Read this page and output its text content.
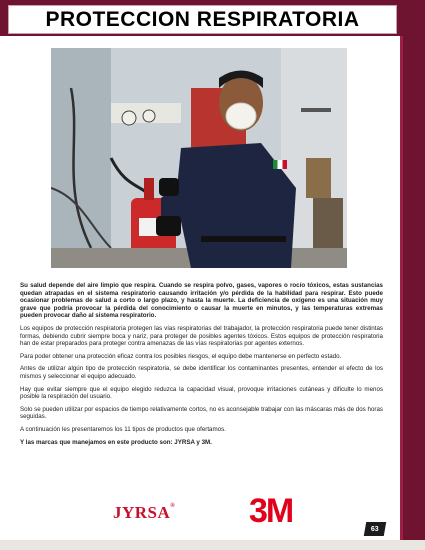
PROTECCION RESPIRATORIA

Su salud depende del aire limpio que respira. Cuando se respira polvo, gases, vapores o rocío tóxicos, estas sustancias quedan atrapadas en el sistema respiratorio causando irritación y/o pérdida de la habilidad para respirar. Esto puede ocasionar problemas de salud a corto o largo plazo, y hasta la muerte. La deficiencia de oxígeno es una situación muy grave que podría provocar la pérdida del conocimiento o causar la muerte en minutos, y las temperaturas extremas pueden provocar daño al sistema respiratorio.

Los equipos de protección respiratoria protegen las vías respiratorias del trabajador, la protección respiratoria puede tener distintas formas, debiendo cubrir siempre boca y nariz, para proteger de posibles agentes tóxicos. Estos equipos de protección respiratoria han de estar preparados para proteger contra amenazas de las vías respiratorias por agentes externos.

Para poder obtener una protección eficaz contra los posibles riesgos, el equipo debe mantenerse en perfecto estado.

Antes de utilizar algún tipo de protección respiratoria, se debe identificar los contaminantes presentes, entender el efecto de los mismos y seleccionar el equipo adecuado.

Hay que evitar siempre que el equipo elegido reduzca la capacidad visual, provoque irritaciones cutáneas y dificulte lo menos posible la respiración del usuario.

Solo se pueden utilizar por espacios de tiempo relativamente cortos, no es aconsejable trabajar con las máscaras más de dos horas seguidas.

A continuación les presentaremos los 11 tipos de productos que ofertamos.

Y las marcas que manejamos en este producto son: JYRSA y 3M.

JYRSA® 3M	63
